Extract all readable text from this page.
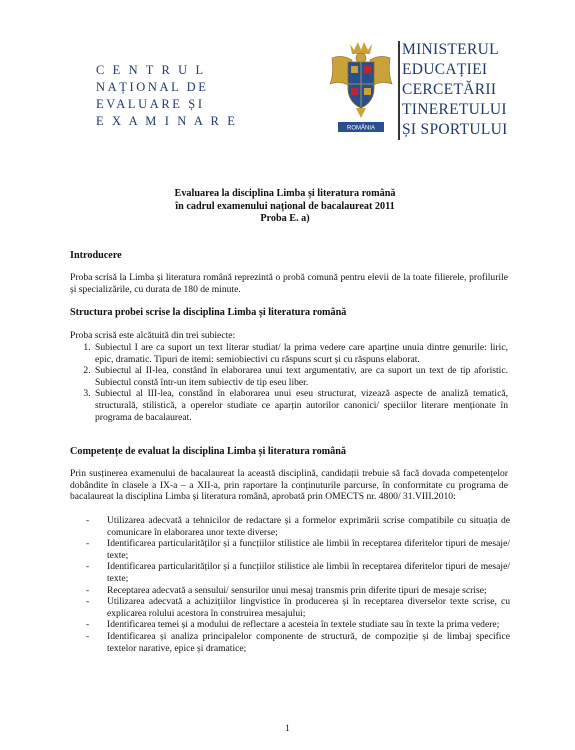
C E N T R U L
NAȚIONAL DE
EVALUARE ȘI
E X A M I N A R E
ROMÂNIA
MINISTERUL
EDUCAȚIEI
CERCETĂRII
TINERETULUI
ȘI SPORTULUI
Evaluarea la disciplina Limba și literatura română
în cadrul examenului național de bacalaureat 2011
Proba E. a)
Introducere
Proba scrisă la Limba și literatura română reprezintă o probă comună pentru elevii de la toate filierele, profilurile și specializările, cu durata de 180 de minute.
Structura probei scrise la disciplina Limba și literatura română
Proba scrisă este alcătuită din trei subiecte:
1. Subiectul I are ca suport un text literar studiat/ la prima vedere care aparține unuia dintre genurile: liric, epic, dramatic. Tipuri de itemi: semiobiectivi cu răspuns scurt și cu răspuns elaborat.
2. Subiectul al II-lea, constând în elaborarea unui text argumentativ, are ca suport un text de tip aforistic. Subiectul constă într-un item subiectiv de tip eseu liber.
3. Subiectul al III-lea, constând în elaborarea unui eseu structurat, vizează aspecte de analiză tematică, structurală, stilistică, a operelor studiate ce aparțin autorilor canonici/ speciilor literare menționate în programa de bacalaureat.
Competențe de evaluat la disciplina Limba și literatura română
Prin susținerea examenului de bacalaureat la această disciplină, candidații trebuie să facă dovada competențelor dobândite în clasele a IX-a – a XII-a, prin raportare la conținuturile parcurse, în conformitate cu programa de bacalaureat la disciplina Limba și literatura română, aprobată prin OMECTS nr. 4800/ 31.VIII.2010:
- Utilizarea adecvată a tehnicilor de redactare și a formelor exprimării scrise compatibile cu situația de comunicare în elaborarea unor texte diverse;
- Identificarea particularităților și a funcțiilor stilistice ale limbii în receptarea diferitelor tipuri de mesaje/ texte;
- Identificarea particularităților și a funcțiilor stilistice ale limbii în receptarea diferitelor tipuri de mesaje/ texte;
- Receptarea adecvată a sensului/ sensurilor unui mesaj transmis prin diferite tipuri de mesaje scrise;
- Utilizarea adecvată a achizițiilor lingvistice în producerea și în receptarea diverselor texte scrise, cu explicarea rolului acestora în construirea mesajului;
- Identificarea temei și a modului de reflectare a acesteia în textele studiate sau în texte la prima vedere;
- Identificarea și analiza principalelor componente de structură, de compoziție și de limbaj specifice textelor narative, epice și dramatice;
1
